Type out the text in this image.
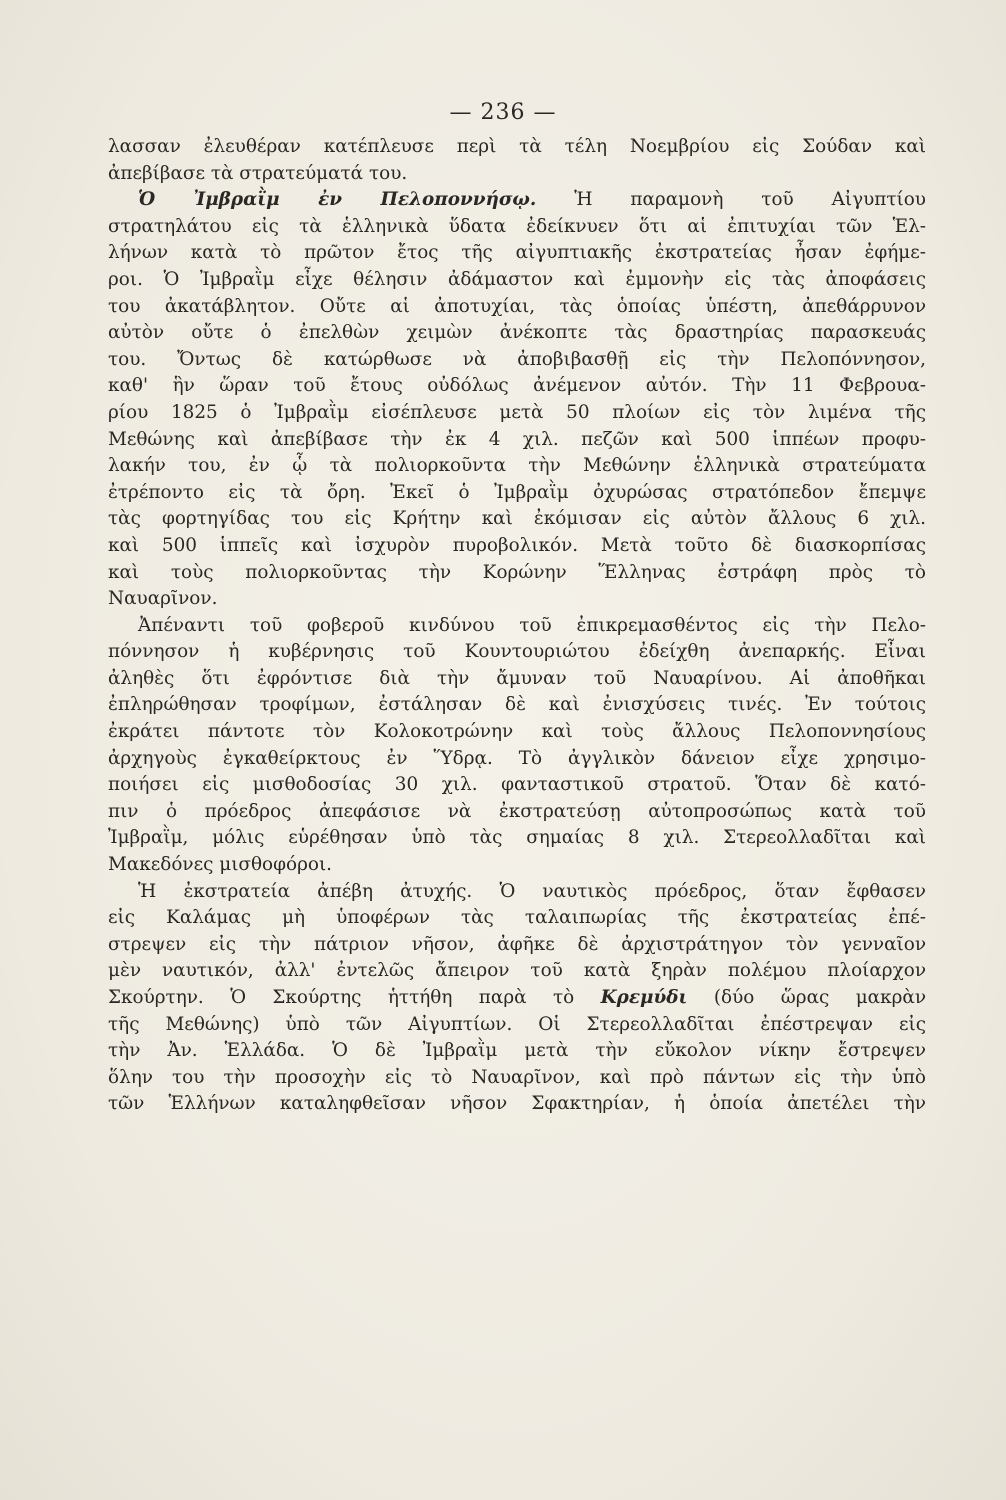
— 236 —
λασσαν ἐλευθέραν κατέπλευσε περὶ τὰ τέλη Νοεμβρίου εἰς Σούδαν καὶ
ἀπεβίβασε τὰ στρατεύματά του.
Ὁ Ἰμβραῒμ ἐν Πελοποννήσῳ. Ἡ παραμονὴ τοῦ Αἰγυπτίου
στρατηλάτου εἰς τὰ ἑλληνικὰ ὕδατα ἐδείκνυεν ὅτι αἱ ἐπιτυχίαι τῶν Ἑλ-
λήνων κατὰ τὸ πρῶτον ἔτος τῆς αἰγυπτιακῆς ἐκστρατείας ἦσαν ἐφήμε-
ροι. Ὁ Ἰμβραῒμ εἶχε θέλησιν ἀδάμαστον καὶ ἐμμονὴν εἰς τὰς ἀποφάσεις
του ἀκατάβλητον. Οὔτε αἱ ἀποτυχίαι, τὰς ὁποίας ὑπέστη, ἀπεθάρρυνον
αὐτὸν οὔτε ὁ ἐπελθὼν χειμὼν ἀνέκοπτε τὰς δραστηρίας παρασκευάς
του. Ὄντως δὲ κατώρθωσε νὰ ἀποβιβασθῇ εἰς τὴν Πελοπόννησον,
καθ' ἣν ὥραν τοῦ ἔτους οὐδόλως ἀνέμενον αὐτόν. Τὴν 11 Φεβρουα-
ρίου 1825 ὁ Ἰμβραῒμ εἰσέπλευσε μετὰ 50 πλοίων εἰς τὸν λιμένα τῆς
Μεθώνης καὶ ἀπεβίβασε τὴν ἐκ 4 χιλ. πεζῶν καὶ 500 ἱππέων προφυ-
λακήν του, ἐν ᾧ τὰ πολιορκοῦντα τὴν Μεθώνην ἑλληνικὰ στρατεύματα
ἐτρέποντο εἰς τὰ ὄρη. Ἐκεῖ ὁ Ἰμβραῒμ ὀχυρώσας στρατόπεδον ἔπεμψε
τὰς φορτηγίδας του εἰς Κρήτην καὶ ἐκόμισαν εἰς αὐτὸν ἄλλους 6 χιλ.
καὶ 500 ἱππεῖς καὶ ἰσχυρὸν πυροβολικόν. Μετὰ τοῦτο δὲ διασκορπίσας
καὶ τοὺς πολιορκοῦντας τὴν Κορώνην Ἕλληνας ἐστράφη πρὸς τὸ
Ναυαρῖνον.
Ἀπέναντι τοῦ φοβεροῦ κινδύνου τοῦ ἐπικρεμασθέντος εἰς τὴν Πελο-
πόννησον ἡ κυβέρνησις τοῦ Κουντουριώτου ἐδείχθη ἀνεπαρκής. Εἶναι
ἀληθὲς ὅτι ἐφρόντισε διὰ τὴν ἄμυναν τοῦ Ναυαρίνου. Αἱ ἀποθῆκαι
ἐπληρώθησαν τροφίμων, ἐστάλησαν δὲ καὶ ἐνισχύσεις τινές. Ἐν τούτοις
ἐκράτει πάντοτε τὸν Κολοκοτρώνην καὶ τοὺς ἄλλους Πελοποννησίους
ἀρχηγοὺς ἐγκαθείρκτους ἐν Ὕδρᾳ. Τὸ ἀγγλικὸν δάνειον εἶχε χρησιμο-
ποιήσει εἰς μισθοδοσίας 30 χιλ. φανταστικοῦ στρατοῦ. Ὅταν δὲ κατό-
πιν ὁ πρόεδρος ἀπεφάσισε νὰ ἐκστρατεύσῃ αὐτοπροσώπως κατὰ τοῦ
Ἰμβραῒμ, μόλις εὑρέθησαν ὑπὸ τὰς σημαίας 8 χιλ. Στερεολλαδῖται καὶ
Μακεδόνες μισθοφόροι.
Ἡ ἐκστρατεία ἀπέβη ἀτυχής. Ὁ ναυτικὸς πρόεδρος, ὅταν ἔφθασεν
εἰς Καλάμας μὴ ὑποφέρων τὰς ταλαιπωρίας τῆς ἐκστρατείας ἐπέ-
στρεψεν εἰς τὴν πάτριον νῆσον, ἀφῆκε δὲ ἀρχιστράτηγον τὸν γενναῖον
μὲν ναυτικόν, ἀλλ' ἐντελῶς ἄπειρον τοῦ κατὰ ξηρὰν πολέμου πλοίαρχον
Σκούρτην. Ὁ Σκούρτης ἡττήθη παρὰ τὸ Κρεμύδι (δύο ὥρας μακρὰν
τῆς Μεθώνης) ὑπὸ τῶν Αἰγυπτίων. Οἱ Στερεολλαδῖται ἐπέστρεψαν εἰς
τὴν Ἀν. Ἑλλάδα. Ὁ δὲ Ἰμβραῒμ μετὰ τὴν εὔκολον νίκην ἔστρεψεν
ὅλην του τὴν προσοχὴν εἰς τὸ Ναυαρῖνον, καὶ πρὸ πάντων εἰς τὴν ὑπὸ
τῶν Ἑλλήνων καταληφθεῖσαν νῆσον Σφακτηρίαν, ἡ ὁποία ἀπετέλει τὴν
